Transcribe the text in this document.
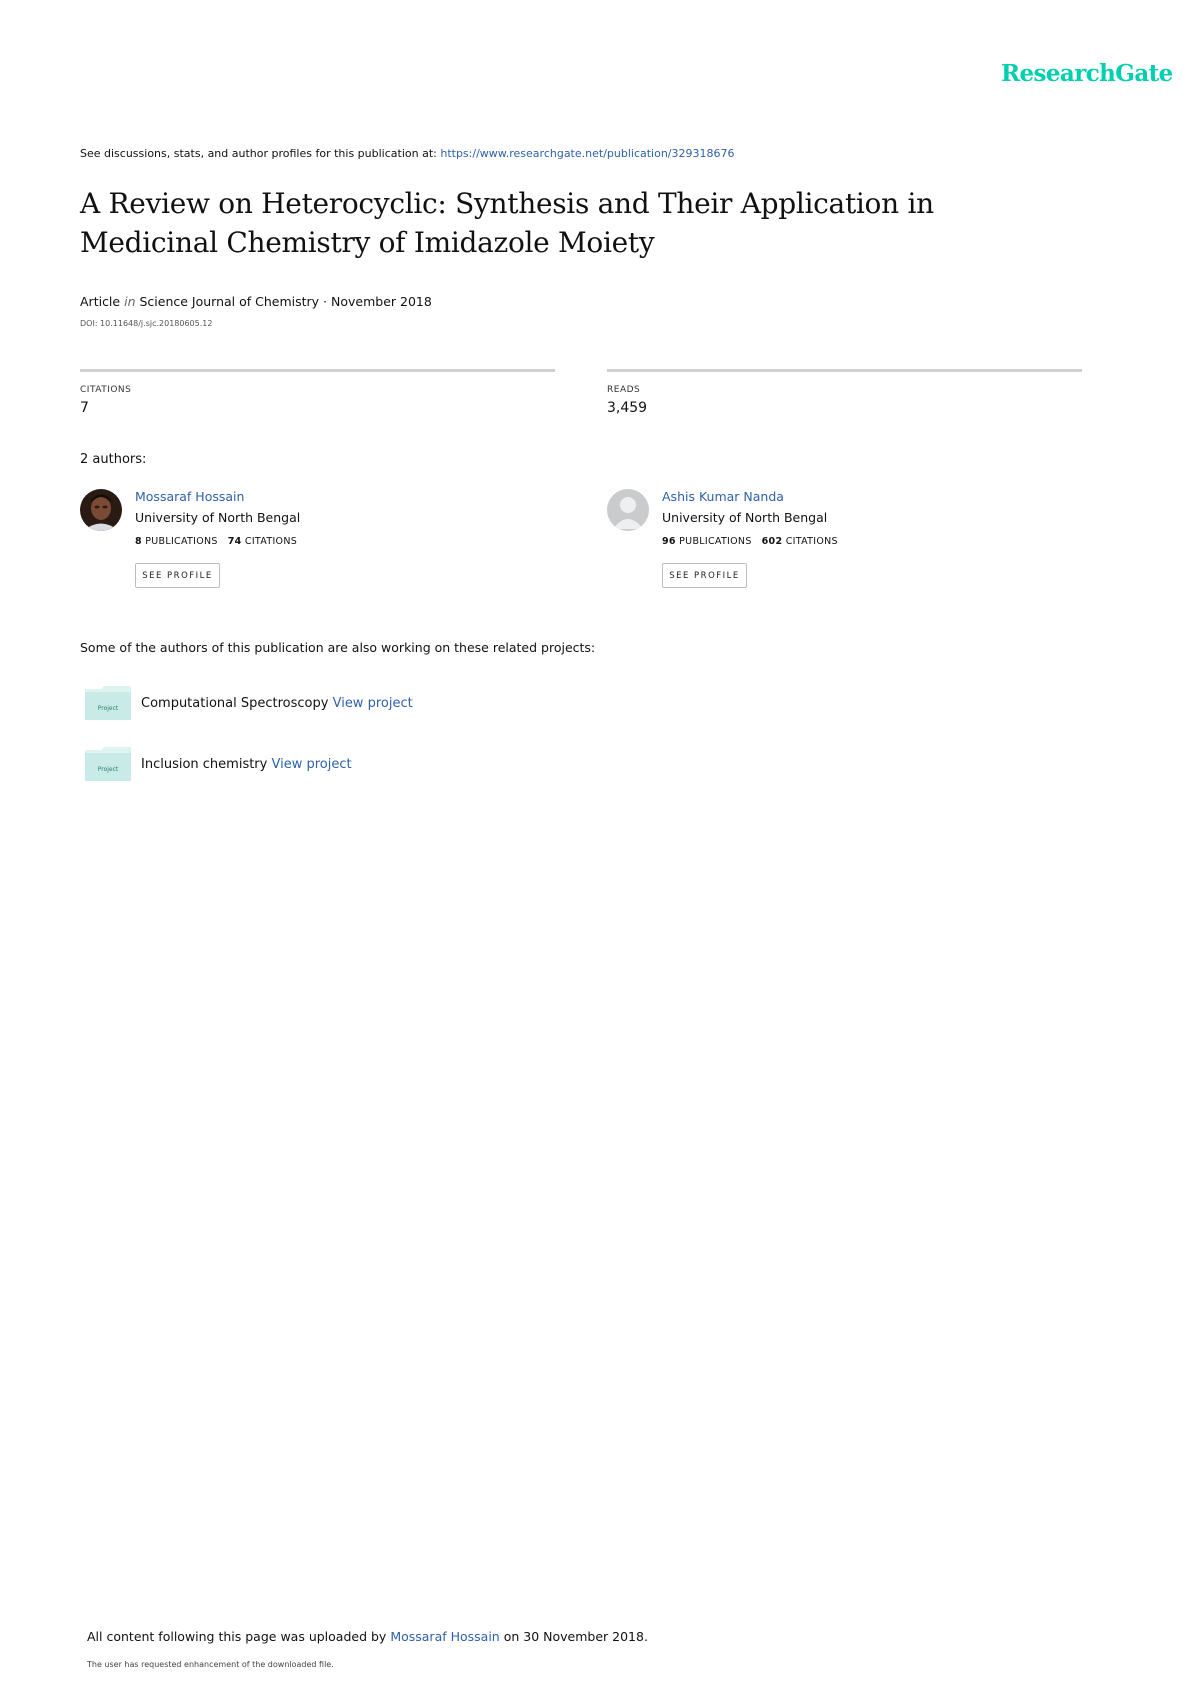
ResearchGate
See discussions, stats, and author profiles for this publication at: https://www.researchgate.net/publication/329318676
A Review on Heterocyclic: Synthesis and Their Application in Medicinal Chemistry of Imidazole Moiety
Article in Science Journal of Chemistry · November 2018
DOI: 10.11648/j.sjc.20180605.12
CITATIONS
7
READS
3,459
2 authors:
Mossaraf Hossain
University of North Bengal
8 PUBLICATIONS 74 CITATIONS
SEE PROFILE
Ashis Kumar Nanda
University of North Bengal
96 PUBLICATIONS 602 CITATIONS
SEE PROFILE
Some of the authors of this publication are also working on these related projects:
Project Computational Spectroscopy View project
Project Inclusion chemistry View project
All content following this page was uploaded by Mossaraf Hossain on 30 November 2018.
The user has requested enhancement of the downloaded file.
